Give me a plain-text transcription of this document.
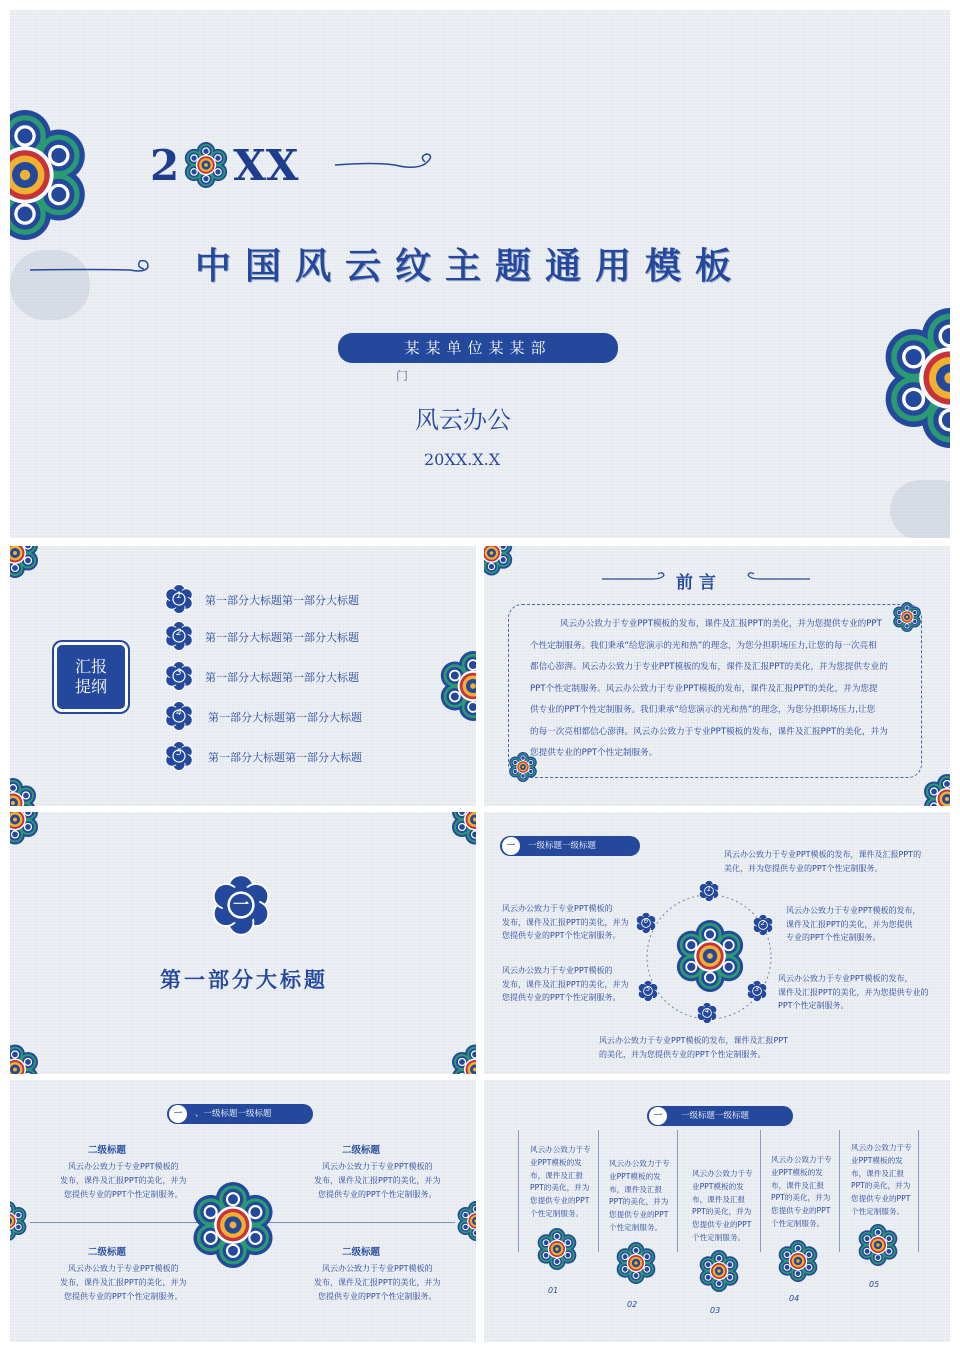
2 XX
中国风云纹主题通用模板
某某单位某某部
门
风云办公
20XX.X.X
汇报
提纲
1	第一部分大标题第一部分大标题
2	第一部分大标题第一部分大标题
3	第一部分大标题第一部分大标题
4	第一部分大标题第一部分大标题
5	第一部分大标题第一部分大标题
前 言
风云办公致力于专业PPT模板的发布，课件及汇报PPT的美化，并为您提供专业的PPT
个性定制服务。我们秉承“给您演示的光和热”的理念，为您分担职场压力,让您的每一次亮相
都信心澎湃。风云办公致力于专业PPT模板的发布，课件及汇报PPT的美化，并为您提供专业的
PPT个性定制服务。风云办公致力于专业PPT模板的发布，课件及汇报PPT的美化，并为您提
供专业的PPT个性定制服务。我们秉承“给您演示的光和热”的理念，为您分担职场压力,让您
的每一次亮相都信心澎湃。风云办公致力于专业PPT模板的发布，课件及汇报PPT的美化，并为
您提供专业的PPT个性定制服务。
一
第一部分大标题
一 一级标题一级标题
1
2
3
4
5
6
风云办公致力于专业PPT模板的发布，课件及汇报PPT的
美化，并为您提供专业的PPT个性定制服务。
风云办公致力于专业PPT模板的发布，
课件及汇报PPT的美化，并为您提供
专业的PPT个性定制服务。
风云办公致力于专业PPT模板的发布，
课件及汇报PPT的美化，并为您提供专业的
PPT个性定制服务。
风云办公致力于专业PPT模板的发布，课件及汇报PPT
的美化，并为您提供专业的PPT个性定制服务。
风云办公致力于专业PPT模板的
发布，课件及汇报PPT的美化，并为
您提供专业的PPT个性定制服务。
风云办公致力于专业PPT模板的
发布，课件及汇报PPT的美化，并为
您提供专业的PPT个性定制服务。
一 、一级标题一级标题
二级标题
风云办公致力于专业PPT模板的
发布，课件及汇报PPT的美化，并为
您提供专业的PPT个性定制服务。
二级标题
风云办公致力于专业PPT模板的
发布，课件及汇报PPT的美化，并为
您提供专业的PPT个性定制服务。
二级标题
风云办公致力于专业PPT模板的
发布，课件及汇报PPT的美化，并为
您提供专业的PPT个性定制服务。
二级标题
风云办公致力于专业PPT模板的
发布，课件及汇报PPT的美化，并为
您提供专业的PPT个性定制服务。
一 一级标题一级标题
风云办公致力于专
业PPT模板的发
布，课件及汇报
PPT的美化，并为
您提供专业的PPT
个性定制服务。
01
风云办公致力于专
业PPT模板的发
布，课件及汇报
PPT的美化，并为
您提供专业的PPT
个性定制服务。
02
风云办公致力于专
业PPT模板的发
布，课件及汇报
PPT的美化，并为
您提供专业的PPT
个性定制服务。
03
风云办公致力于专
业PPT模板的发
布，课件及汇报
PPT的美化，并为
您提供专业的PPT
个性定制服务。
04
风云办公致力于专
业PPT模板的发
布，课件及汇报
PPT的美化，并为
您提供专业的PPT
个性定制服务。
05
